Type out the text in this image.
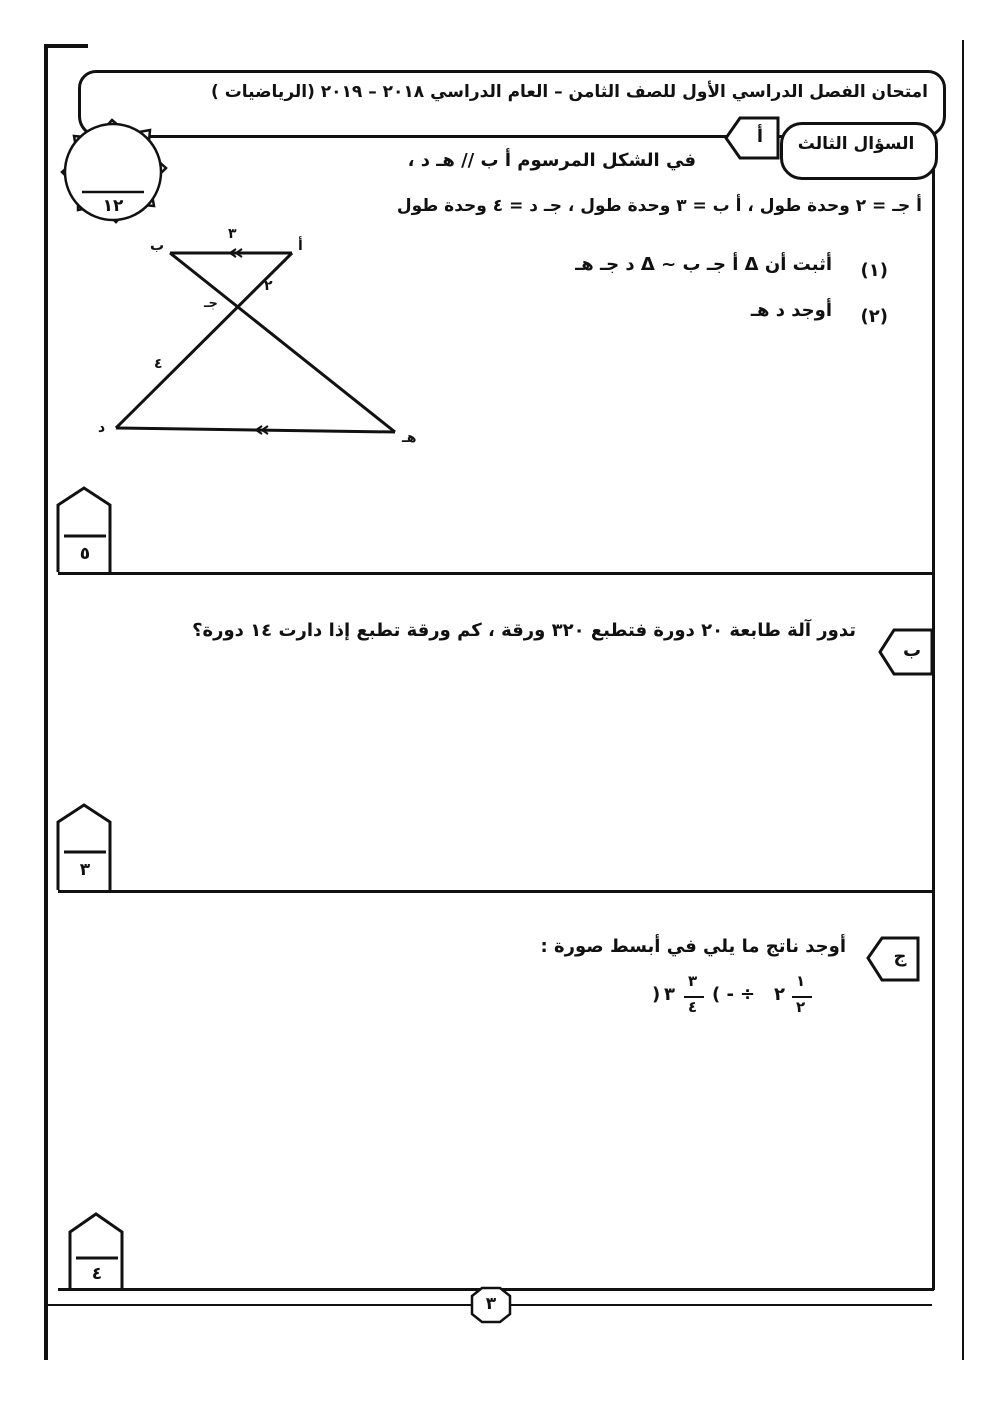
امتحان الفصل الدراسي الأول للصف الثامن – العام الدراسي ٢٠١٨ – ٢٠١٩ (الرياضيات )
السؤال الثالث
أ
ب
ج
١٢
في الشكل المرسوم أ ب // هـ د ،
أ جـ = ٢ وحدة طول ، أ ب = ٣ وحدة طول ، جـ د = ٤ وحدة طول
(١)
أثبت أن Δ أ جـ ب ~ Δ د جـ هـ
(٢)
أوجد د هـ
أ
ب
جـ
د
هـ
٣
٢
٤
٥
٣
٤
تدور آلة طابعة ٢٠ دورة فتطبع ٣٢٠ ورقة ، كم ورقة تطبع إذا دارت ١٤ دورة؟
أوجد ناتج ما يلي في أبسط صورة :
( -
) ٣
٣
٤
÷ ٢
١
٢
٣
